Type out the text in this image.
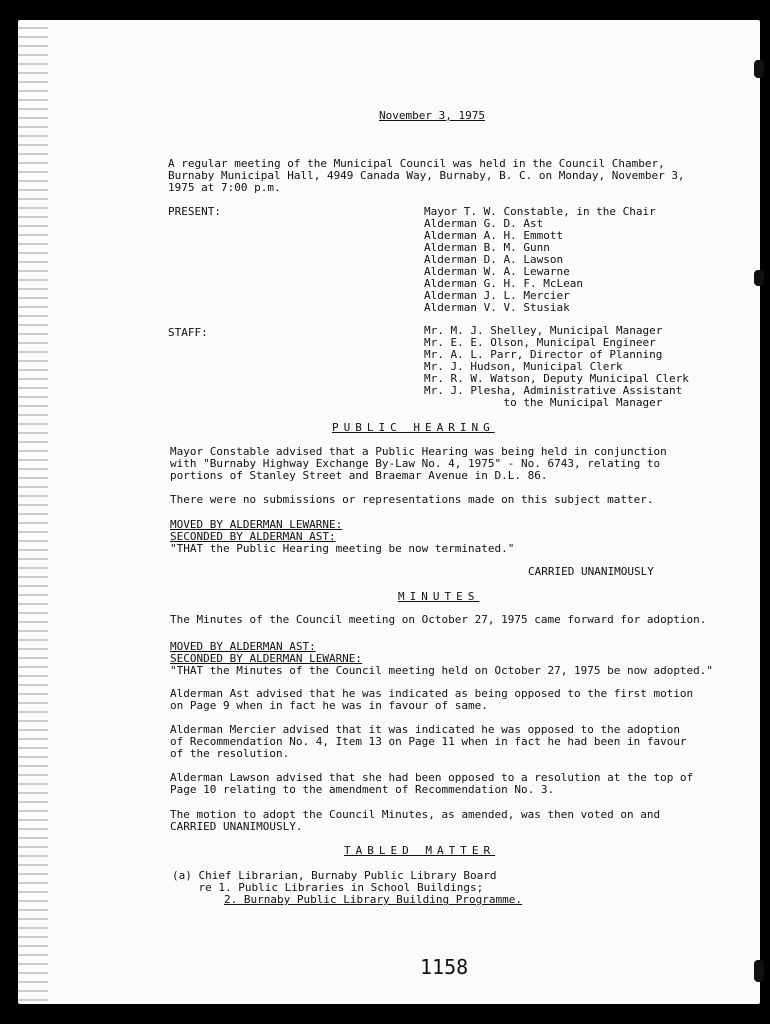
November 3, 1975
A regular meeting of the Municipal Council was held in the Council Chamber,
Burnaby Municipal Hall, 4949 Canada Way, Burnaby, B. C. on Monday, November 3,
1975 at 7:00 p.m.
PRESENT:	Mayor T. W. Constable, in the Chair
Alderman G. D. Ast
Alderman A. H. Emmott
Alderman B. M. Gunn
Alderman D. A. Lawson
Alderman W. A. Lewarne
Alderman G. H. F. McLean
Alderman J. L. Mercier
Alderman V. V. Stusiak
STAFF:	Mr. M. J. Shelley, Municipal Manager
Mr. E. E. Olson, Municipal Engineer
Mr. A. L. Parr, Director of Planning
Mr. J. Hudson, Municipal Clerk
Mr. R. W. Watson, Deputy Municipal Clerk
Mr. J. Plesha, Administrative Assistant
to the Municipal Manager
PUBLIC HEARING
Mayor Constable advised that a Public Hearing was being held in conjunction
with "Burnaby Highway Exchange By-Law No. 4, 1975" - No. 6743, relating to
portions of Stanley Street and Braemar Avenue in D.L. 86.
There were no submissions or representations made on this subject matter.
MOVED BY ALDERMAN LEWARNE:
SECONDED BY ALDERMAN AST:
"THAT the Public Hearing meeting be now terminated."
CARRIED UNANIMOUSLY
MINUTES
The Minutes of the Council meeting on October 27, 1975 came forward for adoption.
MOVED BY ALDERMAN AST:
SECONDED BY ALDERMAN LEWARNE:
"THAT the Minutes of the Council meeting held on October 27, 1975 be now adopted."
Alderman Ast advised that he was indicated as being opposed to the first motion
on Page 9 when in fact he was in favour of same.
Alderman Mercier advised that it was indicated he was opposed to the adoption
of Recommendation No. 4, Item 13 on Page 11 when in fact he had been in favour
of the resolution.
Alderman Lawson advised that she had been opposed to a resolution at the top of
Page 10 relating to the amendment of Recommendation No. 3.
The motion to adopt the Council Minutes, as amended, was then voted on and
CARRIED UNANIMOUSLY.
TABLED MATTER
(a) Chief Librarian, Burnaby Public Library Board
re 1. Public Libraries in School Buildings;
2. Burnaby Public Library Building Programme.
1158
